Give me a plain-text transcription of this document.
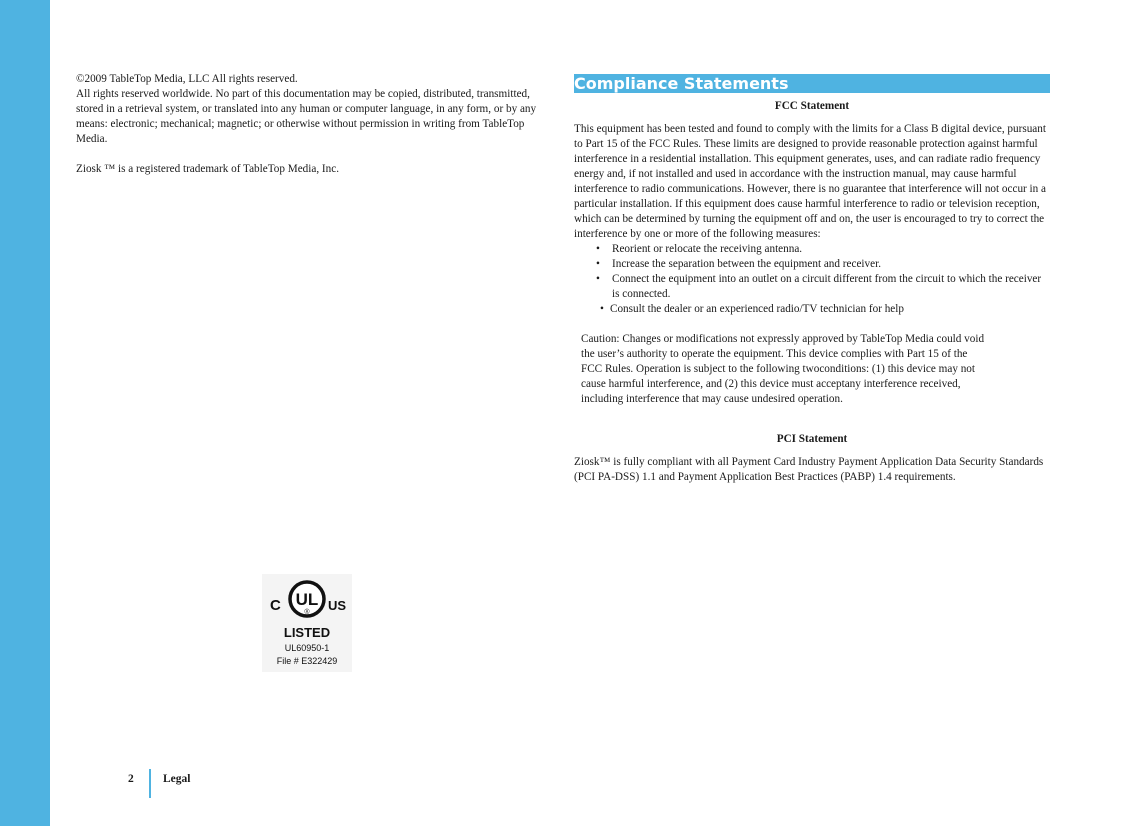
©2009 TableTop Media, LLC All rights reserved.

All rights reserved worldwide. No part of this documentation may be copied, distributed, transmitted, stored in a retrieval system, or translated into any human or computer language, in any form, or by any means: electronic; mechanical; magnetic; or otherwise without permission in writing from TableTop Media.

Ziosk ™ is a registered trademark of TableTop Media, Inc.

Compliance Statements
FCC Statement

This equipment has been tested and found to comply with the limits for a Class B digital device, pursuant to Part 15 of the FCC Rules. These limits are designed to provide reasonable protection against harmful interference in a residential installation. This equipment generates, uses, and can radiate radio frequency energy and, if not installed and used in accordance with the instruction manual, may cause harmful interference to radio communications. However, there is no guarantee that interference will not occur in a particular installation. If this equipment does cause harmful interference to radio or television reception, which can be determined by turning the equipment off and on, the user is encouraged to try to correct the interference by one or more of the following measures:

• Reorient or relocate the receiving antenna.
• Increase the separation between the equipment and receiver.
• Connect the equipment into an outlet on a circuit different from the circuit to which the receiver is connected.
• Consult the dealer or an experienced radio/TV technician for help

Caution: Changes or modifications not expressly approved by TableTop Media could void
the user’s authority to operate the equipment. This device complies with Part 15 of the
FCC Rules. Operation is subject to the following twoconditions: (1) this device may not
cause harmful interference, and (2) this device must acceptany interference received,
including interference that may cause undesired operation.

PCI Statement

Ziosk™ is fully compliant with all Payment Card Industry Payment Application Data Security Standards (PCI PA-DSS) 1.1 and Payment Application Best Practices (PABP) 1.4 requirements.

C UL
® US
LISTED
UL60950-1
File # E322429
2	Legal
